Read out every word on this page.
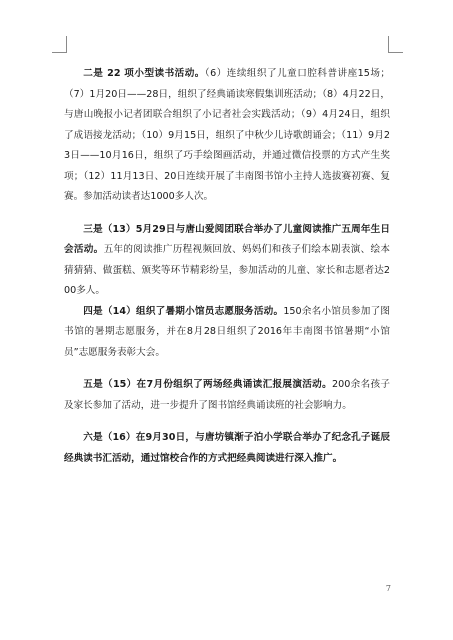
二是 22 项小型读书活动。（6）连续组织了儿童口腔科普讲座15场；（7）1月20日——28日，组织了经典诵读寒假集训班活动；（8）4月22日，与唐山晚报小记者团联合组织了小记者社会实践活动；（9）4月24日，组织了成语接龙活动；（10）9月15日，组织了中秋少儿诗歌朗诵会；（11）9月23日——10月16日，组织了巧手绘图画活动，并通过微信投票的方式产生奖项；（12）11月13日、20日连续开展了丰南图书馆小主持人选拔赛初赛、复赛。参加活动读者达1000多人次。

三是（13）5月29日与唐山爱阅团联合举办了儿童阅读推广五周年生日会活动。五年的阅读推广历程视频回放、妈妈们和孩子们绘本剧表演、绘本猜猜猜、做蛋糕、颁奖等环节精彩纷呈，参加活动的儿童、家长和志愿者达200多人。

四是（14）组织了暑期小馆员志愿服务活动。150余名小馆员参加了图书馆的暑期志愿服务，并在8月28日组织了2016年丰南图书馆暑期“小馆员”志愿服务表彰大会。

五是（15）在7月份组织了两场经典诵读汇报展演活动。200余名孩子及家长参加了活动，进一步提升了图书馆经典诵读班的社会影响力。

六是（16）在9月30日，与唐坊镇渐子泊小学联合举办了纪念孔子诞辰经典读书汇活动，通过馆校合作的方式把经典阅读进行深入推广。

7
